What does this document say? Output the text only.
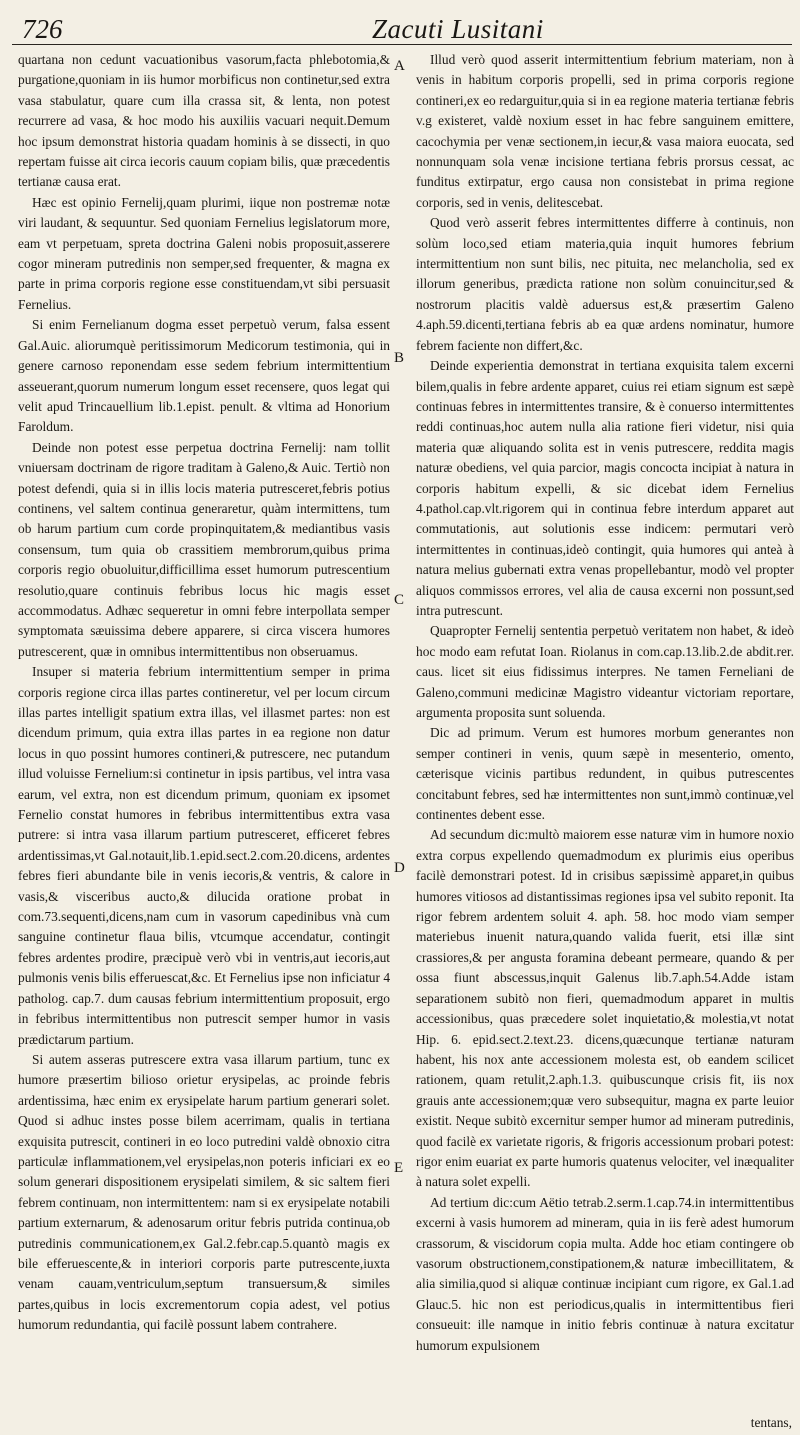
726	Zacuti Lusitani

quartana non cedunt vacuationibus vasorum,facta phlebotomia,& purgatione,quoniam in iis humor morbificus non continetur,sed extra vasa stabulatur, quare cum illa crassa sit, & lenta, non potest recurrere ad vasa, & hoc modo his auxiliis vacuari nequit.Demum hoc ipsum demonstrat historia quadam hominis à se dissecti, in quo repertam fuisse ait circa iecoris cauum copiam bilis, quæ præcedentis tertianæ causa erat.

Hæc est opinio Fernelij,quam plurimi, iique non postremæ notæ viri laudant, & sequuntur. Sed quoniam Fernelius legislatorum more, eam vt perpetuam, spreta doctrina Galeni nobis proposuit,asserere cogor mineram putredinis non semper,sed frequenter, & magna ex parte in prima corporis regione esse constituendam,vt sibi persuasit Fernelius.

Si enim Fernelianum dogma esset perpetuò verum, falsa essent Gal.Auic. aliorumquè peritissimorum Medicorum testimonia, qui in genere carnoso reponendam esse sedem febrium intermittentium asseuerant,quorum numerum longum esset recensere, quos legat qui velit apud Trincauellium lib.1.epist. penult. & vltima ad Honorium Faroldum.

Deinde non potest esse perpetua doctrina Fernelij: nam tollit vniuersam doctrinam de rigore traditam à Galeno,& Auic. Tertiò non potest defendi, quia si in illis locis materia putresceret,febris potius continens, vel saltem continua generaretur, quàm intermittens, tum ob harum partium cum corde propinquitatem,& mediantibus vasis consensum, tum quia ob crassitiem membrorum,quibus prima corporis regio obuoluitur,difficillima esset humorum putrescentium resolutio,quare continuis febribus locus hic magis esset accommodatus. Adhæc sequeretur in omni febre interpollata semper symptomata sæuissima debere apparere, si circa viscera humores putrescerent, quæ in omnibus intermittentibus non obseruamus.

Insuper si materia febrium intermittentium semper in prima corporis regione circa illas partes contineretur, vel per locum circum illas partes intelligit spatium extra illas, vel illasmet partes: non est dicendum primum, quia extra illas partes in ea regione non datur locus in quo possint humores contineri,& putrescere, nec putandum illud voluisse Fernelium:si continetur in ipsis partibus, vel intra vasa earum, vel extra, non est dicendum primum, quoniam ex ipsomet Fernelio constat humores in febribus intermittentibus extra vasa putrere: si intra vasa illarum partium putresceret, efficeret febres ardentissimas,vt Gal.notauit,lib.1.epid.sect.2.com.20.dicens, ardentes febres fieri abundante bile in venis iecoris,& ventris, & calore in vasis,& visceribus aucto,& dilucida oratione probat in com.73.sequenti,dicens,nam cum in vasorum capedinibus vnà cum sanguine continetur flaua bilis, vtcumque accendatur, contingit febres ardentes prodire, præcipuè verò vbi in ventris,aut iecoris,aut pulmonis venis bilis efferuescat,&c. Et Fernelius ipse non inficiatur 4 patholog. cap.7. dum causas febrium intermittentium proposuit, ergo in febribus intermittentibus non putrescit semper humor in vasis prædictarum partium.

Si autem asseras putrescere extra vasa illarum partium, tunc ex humore præsertim bilioso orietur erysipelas, ac proinde febris ardentissima, hæc enim ex erysipelate harum partium generari solet. Quod si adhuc instes posse bilem acerrimam, qualis in tertiana exquisita putrescit, contineri in eo loco putredini valdè obnoxio citra particulæ inflammationem,vel erysipelas,non poteris inficiari ex eo solum generari dispositionem erysipelati similem, & sic saltem fieri febrem continuam, non intermittentem: nam si ex erysipelate notabili partium externarum, & adenosarum oritur febris putrida continua,ob putredinis communicationem,ex Gal.2.febr.cap.5.quantò magis ex bile efferuescente,& in interiori corporis parte putrescente,iuxta venam cauam,ventriculum,septum transuersum,& similes partes,quibus in locis excrementorum copia adest, vel potius humorum redundantia, qui facilè possunt labem contrahere.

A
B
C
D
E

Illud verò quod asserit intermittentium febrium materiam, non à venis in habitum corporis propelli, sed in prima corporis regione contineri,ex eo redarguitur,quia si in ea regione materia tertianæ febris v.g existeret, valdè noxium esset in hac febre sanguinem emittere, cacochymia per venæ sectionem,in iecur,& vasa maiora euocata, sed nonnunquam sola venæ incisione tertiana febris prorsus cessat, ac funditus extirpatur, ergo causa non consistebat in prima regione corporis, sed in venis, delitescebat.

Quod verò asserit febres intermittentes differre à continuis, non solùm loco,sed etiam materia,quia inquit humores febrium intermittentium non sunt bilis, nec pituita, nec melancholia, sed ex illorum generibus, prædicta ratione non solùm conuincitur,sed & nostrorum placitis valdè aduersus est,& præsertim Galeno 4.aph.59.dicenti,tertiana febris ab ea quæ ardens nominatur, humore febrem faciente non differt,&c.

Deinde experientia demonstrat in tertiana exquisita talem excerni bilem,qualis in febre ardente apparet, cuius rei etiam signum est sæpè continuas febres in intermittentes transire, & è conuerso intermittentes reddi continuas,hoc autem nulla alia ratione fieri videtur, nisi quia materia quæ aliquando solita est in venis putrescere, reddita magis naturæ obediens, vel quia parcior, magis concocta incipiat à natura in corporis habitum expelli, & sic dicebat idem Fernelius 4.pathol.cap.vlt.rigorem qui in continua febre interdum apparet aut commutationis, aut solutionis esse indicem: permutari verò intermittentes in continuas,ideò contingit, quia humores qui anteà à natura melius gubernati extra venas propellebantur, modò vel propter aliquos commissos errores, vel alia de causa excerni non possunt,sed intra putrescunt.

Quapropter Fernelij sententia perpetuò veritatem non habet, & ideò hoc modo eam refutat Ioan. Riolanus in com.cap.13.lib.2.de abdit.rer. caus. licet sit eius fidissimus interpres. Ne tamen Ferneliani de Galeno,communi medicinæ Magistro videantur victoriam reportare, argumenta proposita sunt soluenda.

Dic ad primum. Verum est humores morbum generantes non semper contineri in venis, quum sæpè in mesenterio, omento, cæterisque vicinis partibus redundent, in quibus putrescentes concitabunt febres, sed hæ intermittentes non sunt,immò continuæ,vel continentes debent esse.

Ad secundum dic:multò maiorem esse naturæ vim in humore noxio extra corpus expellendo quemadmodum ex plurimis eius operibus facilè demonstrari potest. Id in crisibus sæpissimè apparet,in quibus humores vitiosos ad distantissimas regiones ipsa vel subito reponit. Ita rigor febrem ardentem soluit 4. aph. 58. hoc modo viam semper materiebus inuenit natura,quando valida fuerit, etsi illæ sint crassiores,& per angusta foramina debeant permeare, quando & per ossa fiunt abscessus,inquit Galenus lib.7.aph.54.Adde istam separationem subitò non fieri, quemadmodum apparet in multis accessionibus, quas præcedere solet inquietatio,& molestia,vt notat Hip. 6. epid.sect.2.text.23. dicens,quæcunque tertianæ naturam habent, his nox ante accessionem molesta est, ob eandem scilicet rationem, quam retulit,2.aph.1.3. quibuscunque crisis fit, iis nox grauis ante accessionem;quæ vero subsequitur, magna ex parte leuior existit. Neque subitò excernitur semper humor ad mineram putredinis, quod facilè ex varietate rigoris, & frigoris accessionum probari potest: rigor enim euariat ex parte humoris quatenus velociter, vel inæqualiter à natura solet expelli.

Ad tertium dic:cum Aëtio tetrab.2.serm.1.cap.74.in intermittentibus excerni à vasis humorem ad mineram, quia in iis ferè adest humorum crassorum, & viscidorum copia multa. Adde hoc etiam contingere ob vasorum obstructionem,constipationem,& naturæ imbecillitatem, & alia similia,quod si aliquæ continuæ incipiant cum rigore, ex Gal.1.ad Glauc.5. hic non est periodicus,qualis in intermittentibus fieri consueuit: ille namque in initio febris continuæ à natura excitatur humorum expulsionem

tentans,
